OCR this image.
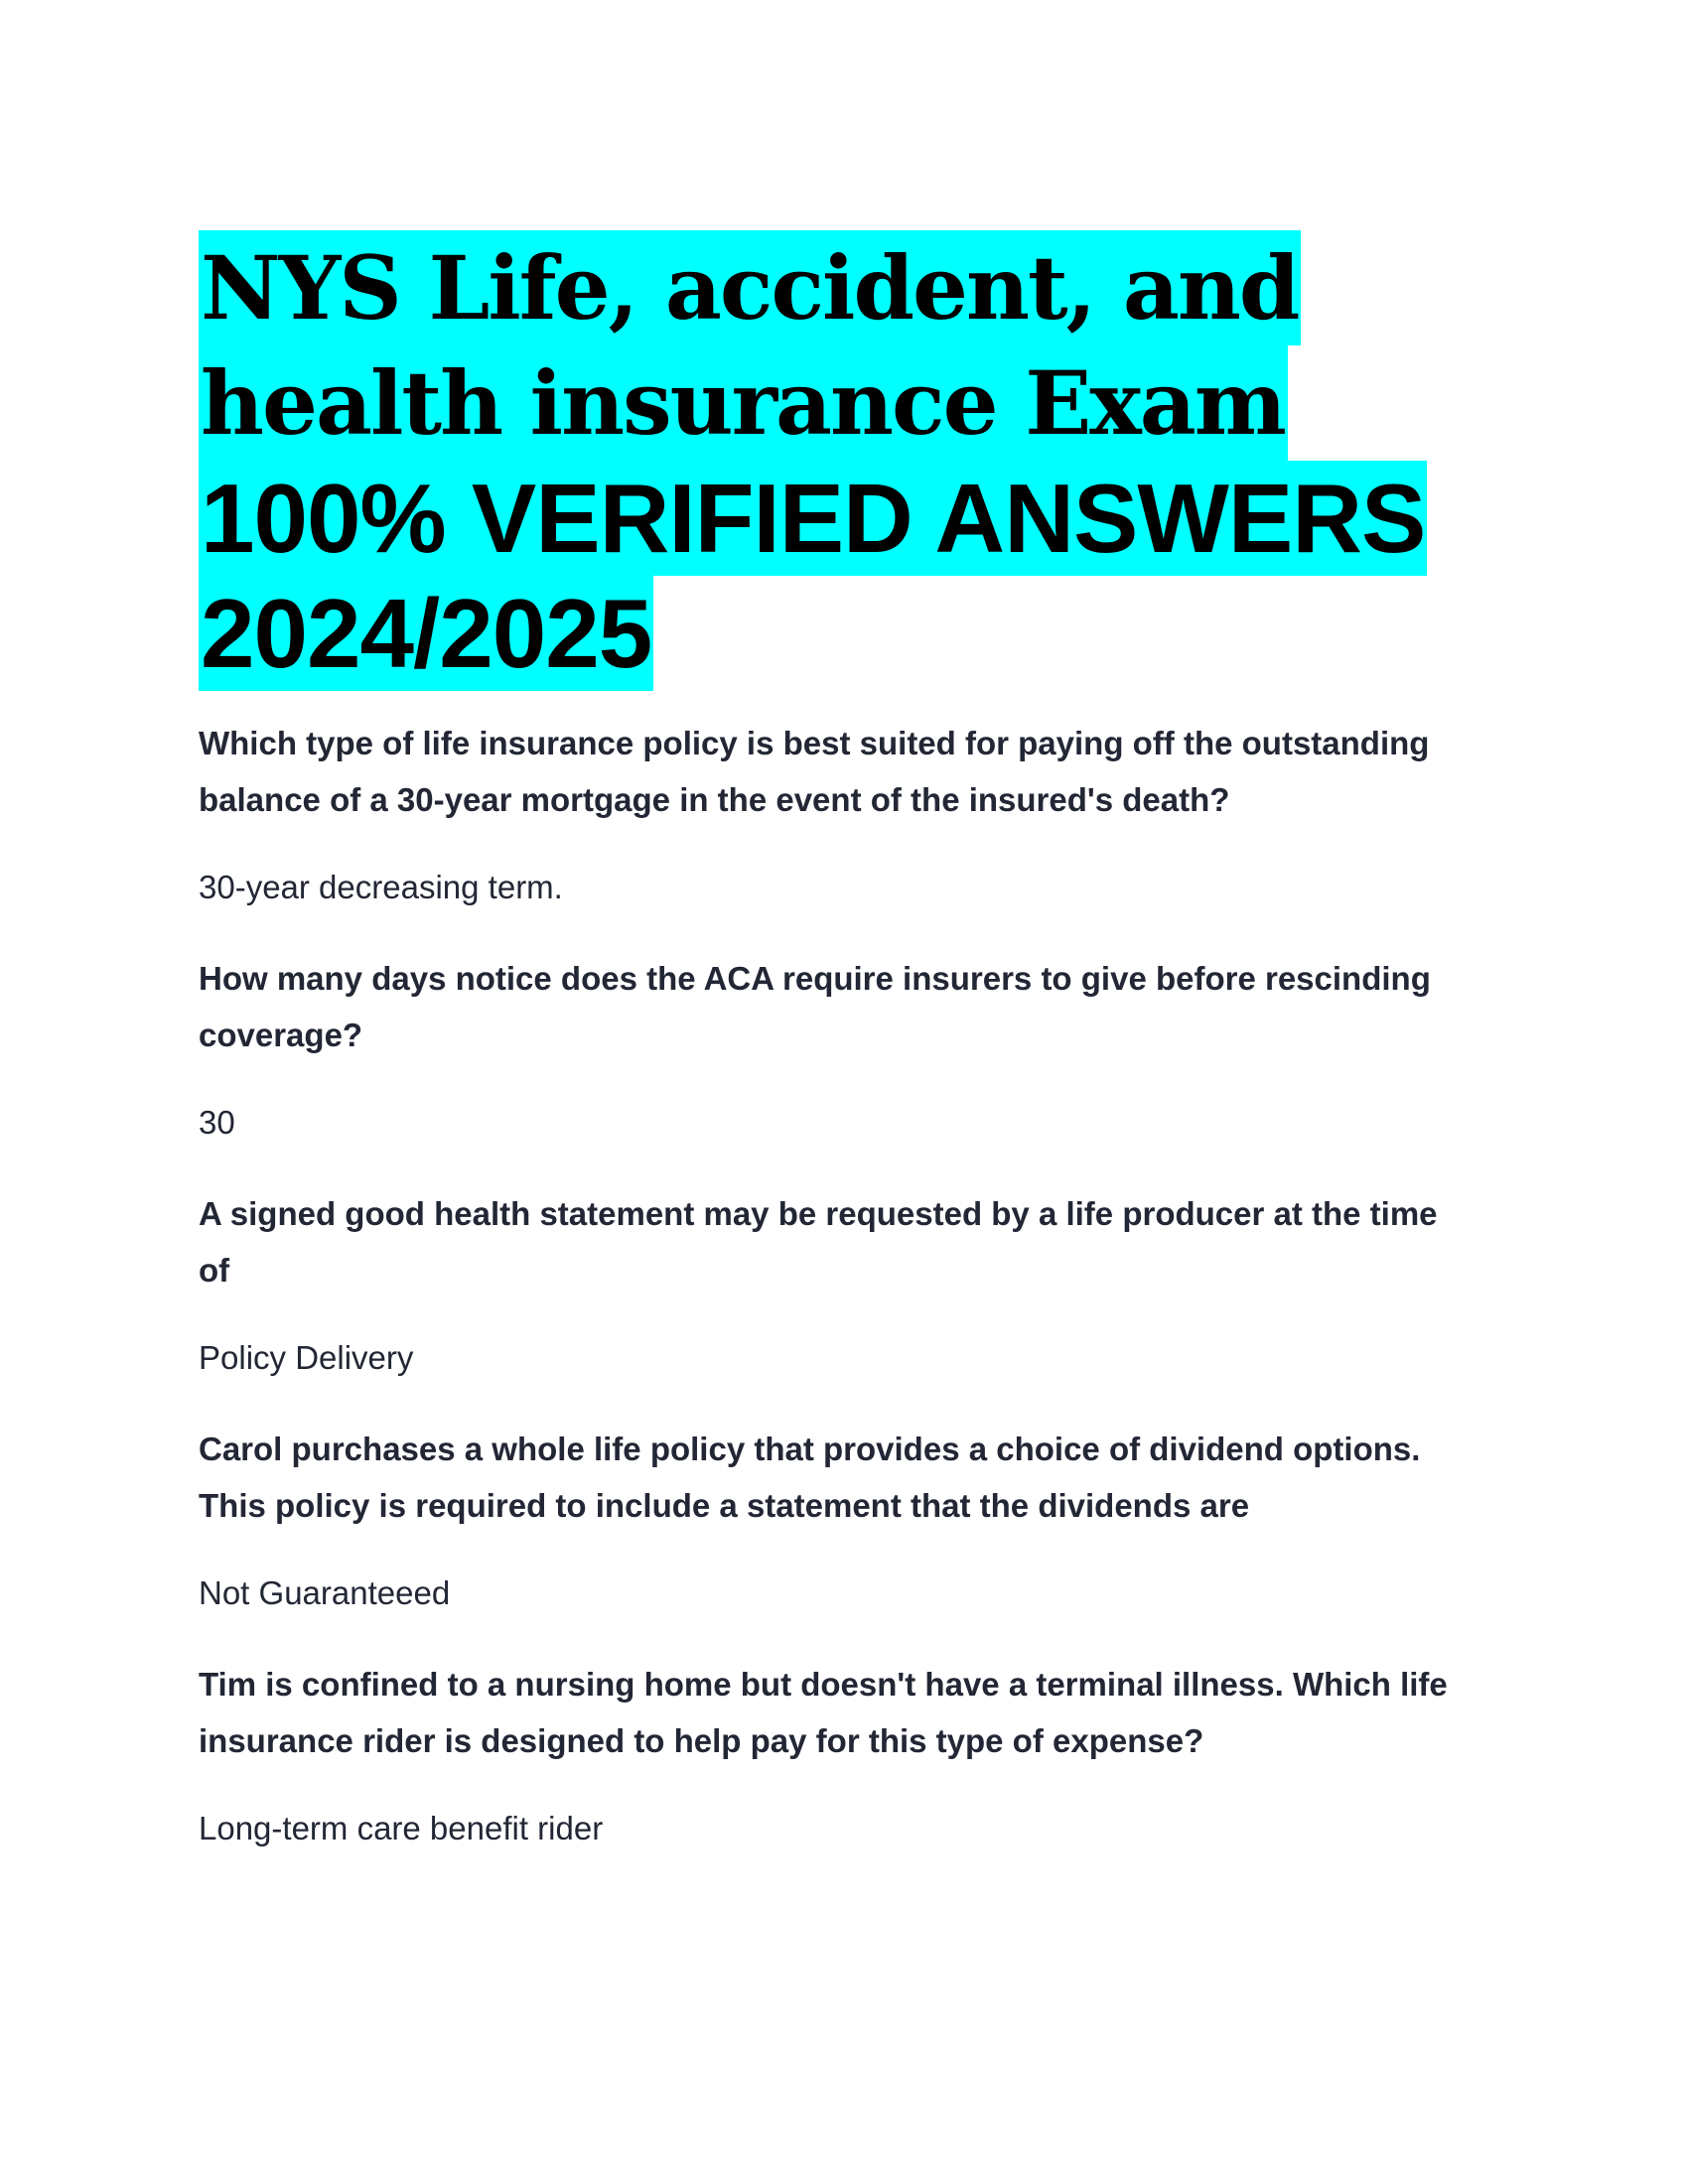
NYS Life, accident, and
health insurance Exam
100% VERIFIED ANSWERS
2024/2025

Which type of life insurance policy is best suited for paying off the outstanding
balance of a 30-year mortgage in the event of the insured's death?

30-year decreasing term.

How many days notice does the ACA require insurers to give before rescinding
coverage?

30

A signed good health statement may be requested by a life producer at the time
of

Policy Delivery

Carol purchases a whole life policy that provides a choice of dividend options.
This policy is required to include a statement that the dividends are

Not Guaranteeed

Tim is confined to a nursing home but doesn't have a terminal illness. Which life
insurance rider is designed to help pay for this type of expense?

Long-term care benefit rider
